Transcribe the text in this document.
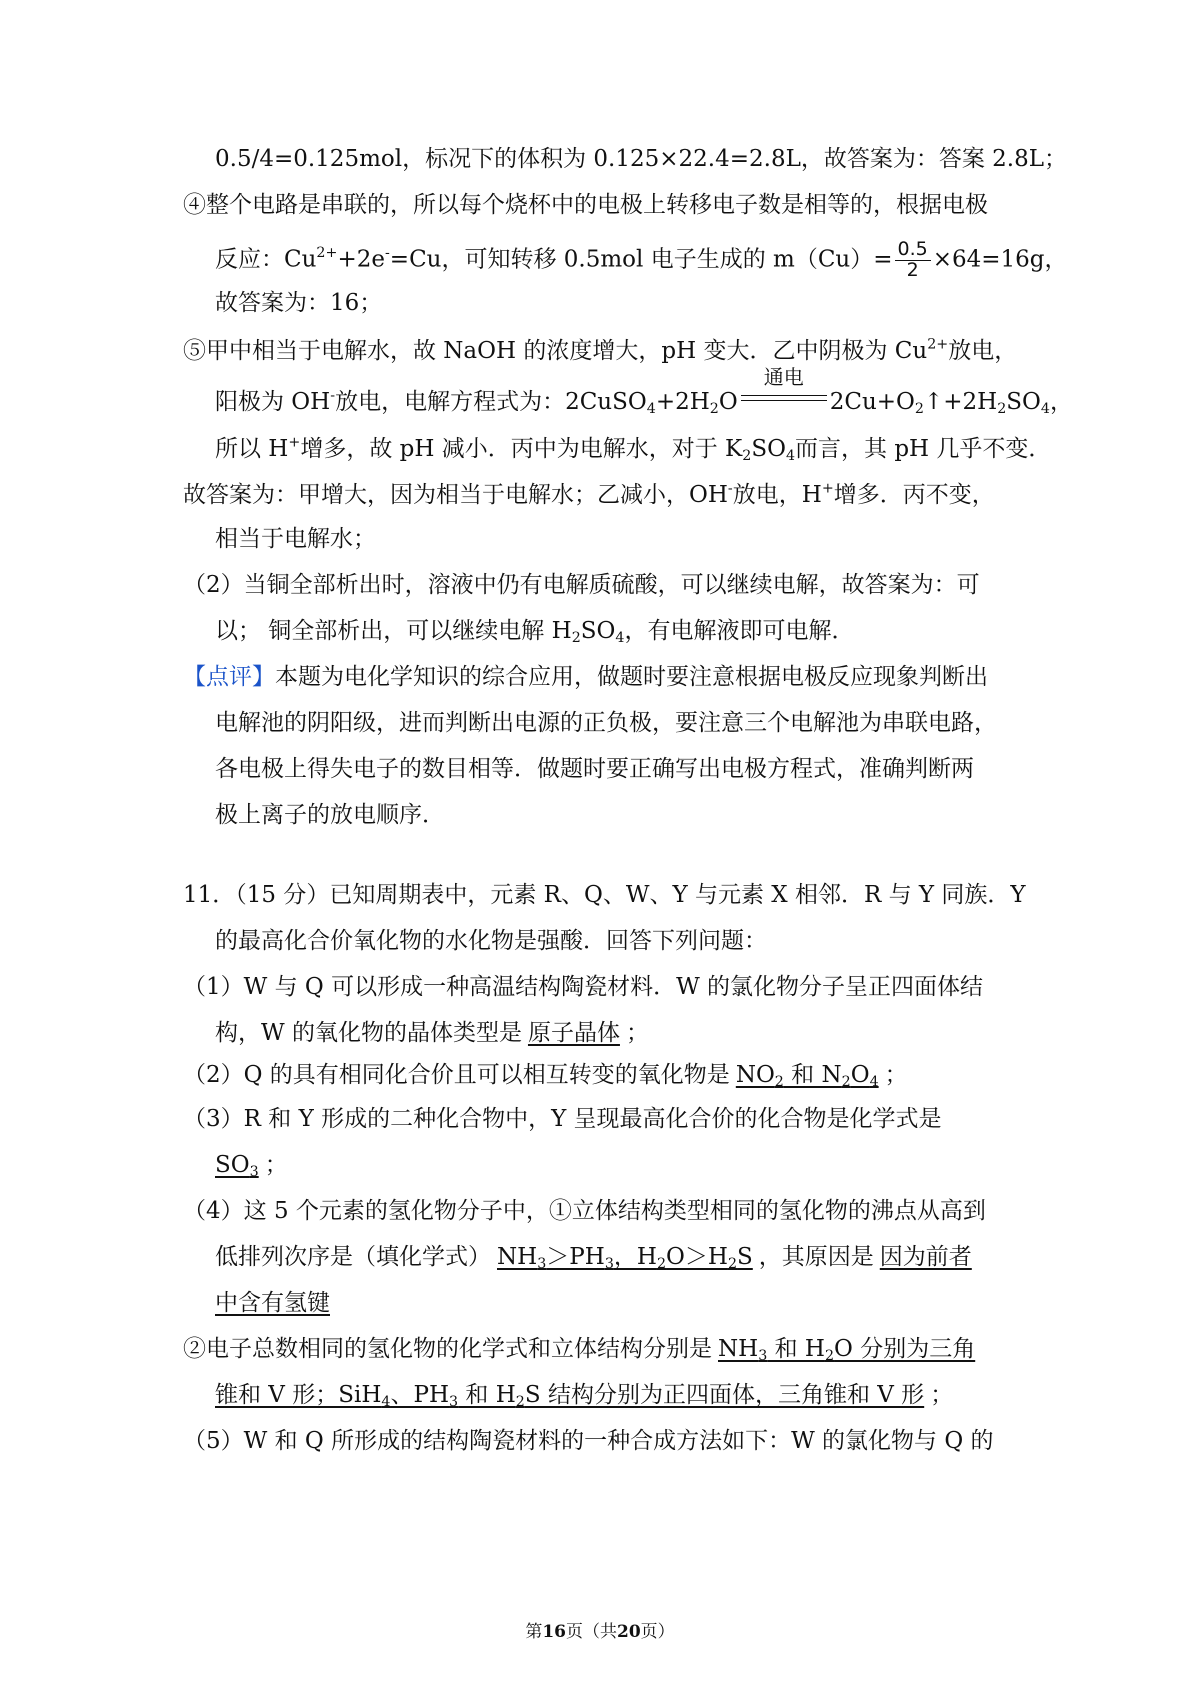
0.5/4=0.125mol，标况下的体积为 0.125×22.4=2.8L，故答案为：答案 2.8L；
④整个电路是串联的，所以每个烧杯中的电极上转移电子数是相等的，根据电极
反应：$Cu^{2+}+2e^-=Cu$，可知转移 0.5mol 电子生成的 $m(Cu)= \frac{0.5}{2} \times 64=16g$，
故答案为：16；
⑤甲中相当于电解水，故 NaOH 的浓度增大，pH 变大．乙中阴极为 $Cu^{2+}$放电，
阳极为 OH-放电，电解方程式为：$2CuSO_4+2H_2O$
通电
$2Cu+O_2↑+2H_2SO_4$，
所以 H+增多，故 pH 减小．丙中为电解水，对于 $K_2SO_4$而言，其 pH 几乎不变．
故答案为：甲增大，因为相当于电解水；乙减小，OH-放电，H+增多．丙不变，
相当于电解水；
（2）当铜全部析出时，溶液中仍有电解质硫酸，可以继续电解，故答案为：可
以； 铜全部析出，可以继续电解 $H_2SO_4$，有电解液即可电解．
【点评】本题为电化学知识的综合应用，做题时要注意根据电极反应现象判断出
电解池的阴阳级，进而判断出电源的正负极，要注意三个电解池为串联电路，
各电极上得失电子的数目相等．做题时要正确写出电极方程式，准确判断两
极上离子的放电顺序．
11．（15 分）已知周期表中，元素 R、Q、W、Y 与元素 X 相邻．R 与 Y 同族．Y
的最高化合价氧化物的水化物是强酸．回答下列问题：
（1）W 与 Q 可以形成一种高温结构陶瓷材料．W 的氯化物分子呈正四面体结
构，W 的氧化物的晶体类型是 原子晶体 ；
（2）Q 的具有相同化合价且可以相互转变的氧化物是 $NO_2$ 和 $N_2O_4$ ；
（3）R 和 Y 形成的二种化合物中，Y 呈现最高化合价的化合物是化学式是
$SO_3$ ；
（4）这 5 个元素的氢化物分子中，①立体结构类型相同的氢化物的沸点从高到
低排列次序是（填化学式） $NH_3>PH_3$，$H_2O>H_2S$ ，其原因是 因为前者
中含有氢键
②电子总数相同的氢化物的化学式和立体结构分别是 $NH_3$ 和 $H_2O$ 分别为三角
锥和 V 形；SiH$_4$、$PH_3$ 和 $H_2S$ 结构分别为正四面体，三角锥和 V 形 ；
（5）W 和 Q 所形成的结构陶瓷材料的一种合成方法如下：W 的氯化物与 Q 的
第16页（共20页）
